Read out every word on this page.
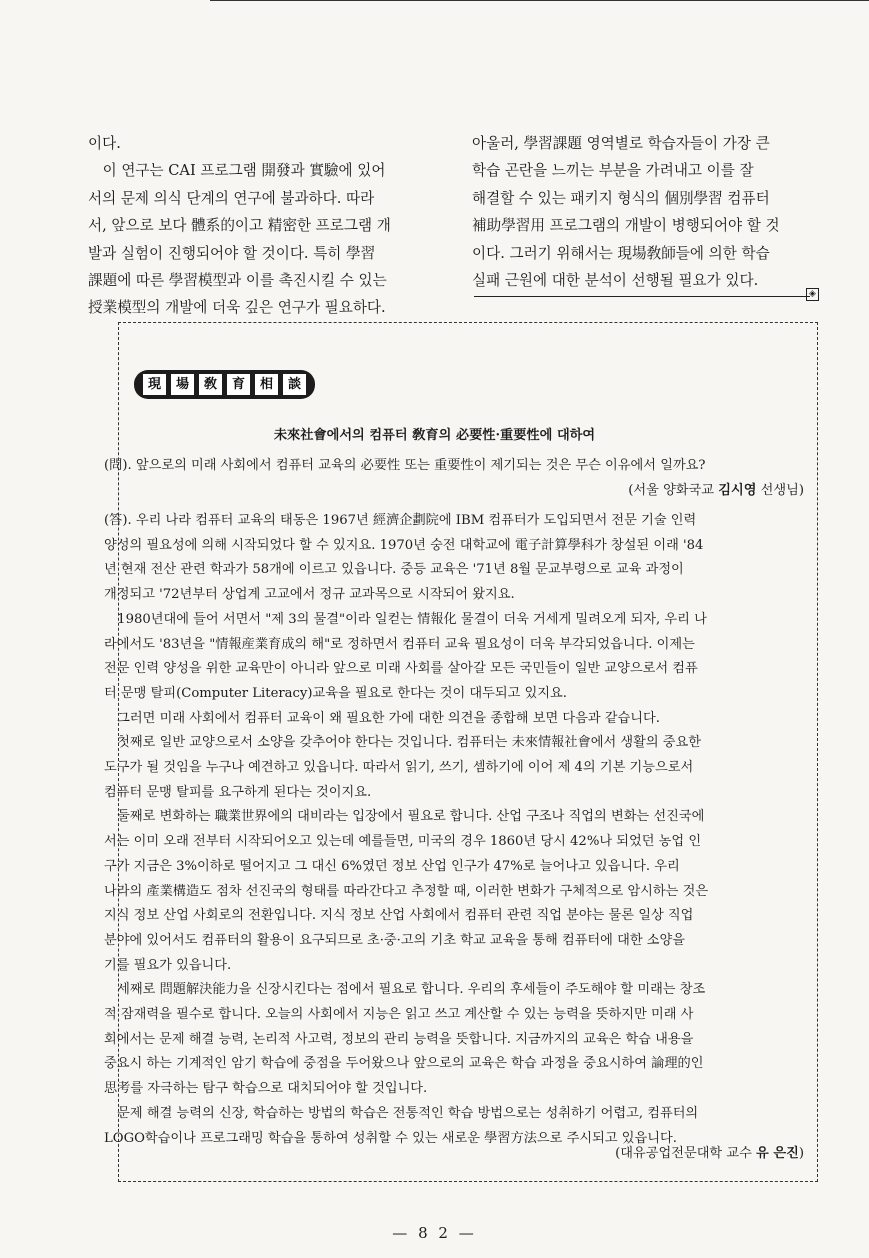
이다.

　이 연구는 CAI 프로그램 開發과 實驗에 있어

서의 문제 의식 단계의 연구에 불과하다. 따라

서, 앞으로 보다 體系的이고 精密한 프로그램 개

발과 실험이 진행되어야 할 것이다. 특히 學習

課題에 따른 學習模型과 이를 촉진시킬 수 있는

授業模型의 개발에 더욱 깊은 연구가 필요하다.

아울러, 學習課題 영역별로 학습자들이 가장 큰

학습 곤란을 느끼는 부분을 가려내고 이를 잘

해결할 수 있는 패키지 형식의 個別學習 컴퓨터

補助學習用 프로그램의 개발이 병행되어야 할 것

이다. 그러기 위해서는 現場敎師들에 의한 학습

실패 근원에 대한 분석이 선행될 필요가 있다.

◈
現	場	敎	育	相	談
未來社會에서의 컴퓨터 敎育의 必要性·重要性에 대하여

(問). 앞으로의 미래 사회에서 컴퓨터 교육의 必要性 또는 重要性이 제기되는 것은 무슨 이유에서 일까요?

(서울 양화국교 김시영 선생님)

(答). 우리 나라 컴퓨터 교육의 태동은 1967년 經濟企劃院에 IBM 컴퓨터가 도입되면서 전문 기술 인력

양성의 필요성에 의해 시작되었다 할 수 있지요. 1970년 숭전 대학교에 電子計算學科가 창설된 이래 '84

년 현재 전산 관련 학과가 58개에 이르고 있읍니다. 중등 교육은 '71년 8월 문교부령으로 교육 과정이

개정되고 '72년부터 상업계 고교에서 정규 교과목으로 시작되어 왔지요.

　1980년대에 들어 서면서 "제 3의 물결"이라 일컫는 情報化 물결이 더욱 거세게 밀려오게 되자, 우리 나

라에서도 '83년을 "情報産業育成의 해"로 정하면서 컴퓨터 교육 필요성이 더욱 부각되었읍니다. 이제는

전문 인력 양성을 위한 교육만이 아니라 앞으로 미래 사회를 살아갈 모든 국민들이 일반 교양으로서 컴퓨

터 문맹 탈피(Computer Literacy)교육을 필요로 한다는 것이 대두되고 있지요.

　그러면 미래 사회에서 컴퓨터 교육이 왜 필요한 가에 대한 의견을 종합해 보면 다음과 같습니다.

　첫째로 일반 교양으로서 소양을 갖추어야 한다는 것입니다. 컴퓨터는 未來情報社會에서 생활의 중요한

도구가 될 것임을 누구나 예견하고 있읍니다. 따라서 읽기, 쓰기, 셈하기에 이어 제 4의 기본 기능으로서

컴퓨터 문맹 탈피를 요구하게 된다는 것이지요.

　둘째로 변화하는 職業世界에의 대비라는 입장에서 필요로 합니다. 산업 구조나 직업의 변화는 선진국에

서는 이미 오래 전부터 시작되어오고 있는데 예를들면, 미국의 경우 1860년 당시 42%나 되었던 농업 인

구가 지금은 3%이하로 떨어지고 그 대신 6%였던 정보 산업 인구가 47%로 늘어나고 있읍니다. 우리

나라의 產業構造도 점차 선진국의 형태를 따라간다고 추정할 때, 이러한 변화가 구체적으로 암시하는 것은

지식 정보 산업 사회로의 전환입니다. 지식 정보 산업 사회에서 컴퓨터 관련 직업 분야는 물론 일상 직업

분야에 있어서도 컴퓨터의 활용이 요구되므로 초·중·고의 기초 학교 교육을 통해 컴퓨터에 대한 소양을

기를 필요가 있읍니다.

　세째로 問題解決能力을 신장시킨다는 점에서 필요로 합니다. 우리의 후세들이 주도해야 할 미래는 창조

적 잠재력을 필수로 합니다. 오늘의 사회에서 지능은 읽고 쓰고 계산할 수 있는 능력을 뜻하지만 미래 사

회에서는 문제 해결 능력, 논리적 사고력, 정보의 관리 능력을 뜻합니다. 지금까지의 교육은 학습 내용을

중요시 하는 기계적인 암기 학습에 중점을 두어왔으나 앞으로의 교육은 학습 과정을 중요시하여 論理的인

思考를 자극하는 탐구 학습으로 대치되어야 할 것입니다.

　문제 해결 능력의 신장, 학습하는 방법의 학습은 전통적인 학습 방법으로는 성취하기 어렵고, 컴퓨터의

LOGO학습이나 프로그래밍 학습을 통하여 성취할 수 있는 새로운 學習方法으로 주시되고 있읍니다.

(대유공업전문대학 교수 유 은진)
— 8 2 —
